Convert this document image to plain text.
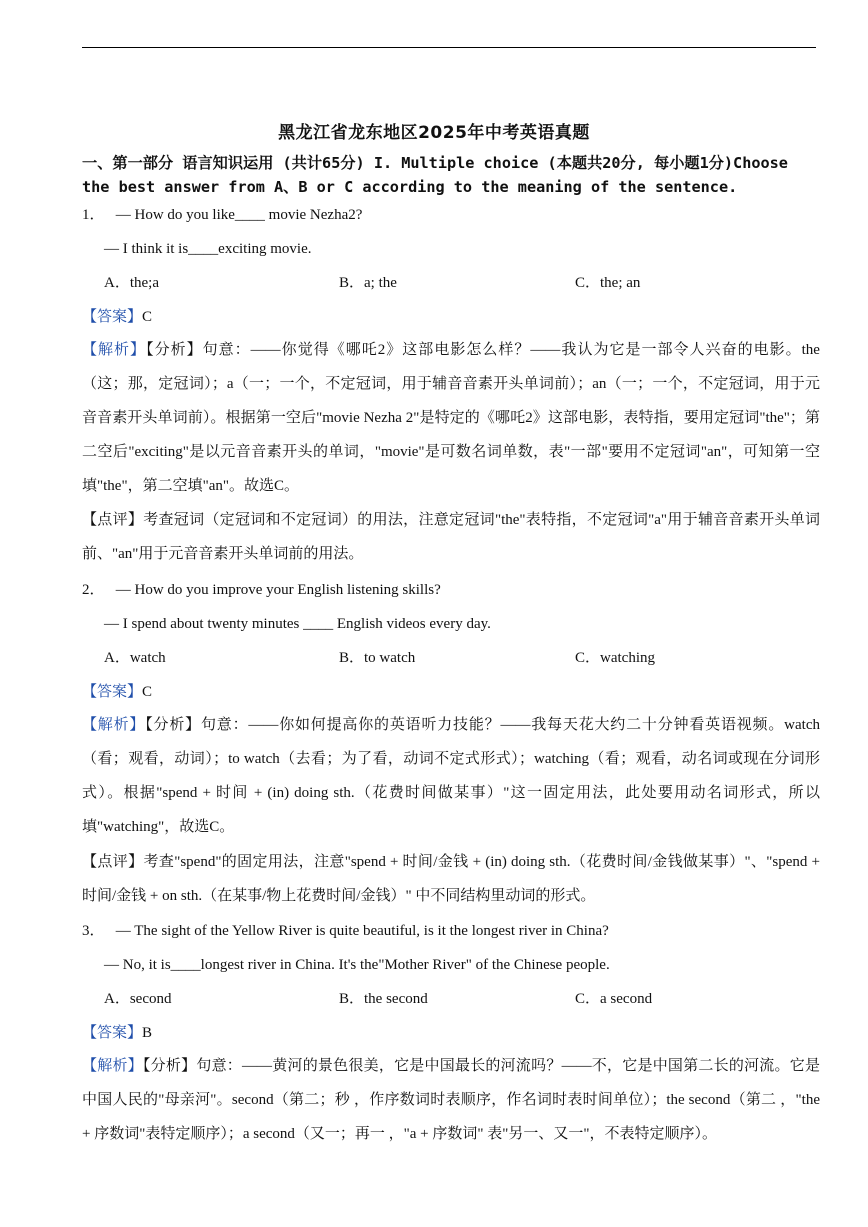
黑龙江省龙东地区2025年中考英语真题
一、第一部分 语言知识运用 (共计65分) I. Multiple choice (本题共20分, 每小题1分)Choose the best answer from A、B or C according to the meaning of the sentence.
1． — How do you like____ movie Nezha2?
— I think it is____exciting movie.
A．the;a	B．a; the	C．the; an
【答案】C
【解析】【分析】句意：——你觉得《哪吒2》这部电影怎么样？——我认为它是一部令人兴奋的电影。the（这；那，定冠词）；a（一；一个，不定冠词，用于辅音音素开头单词前）；an（一；一个，不定冠词，用于元音音素开头单词前）。根据第一空后"movie Nezha 2"是特定的《哪吒2》这部电影，表特指，要用定冠词"the"；第二空后"exciting"是以元音音素开头的单词，"movie"是可数名词单数，表"一部"要用不定冠词"an"，可知第一空填"the"，第二空填"an"。故选C。
【点评】考查冠词（定冠词和不定冠词）的用法，注意定冠词"the"表特指，不定冠词"a"用于辅音音素开头单词前、"an"用于元音音素开头单词前的用法。
2． — How do you improve your English listening skills?
— I spend about twenty minutes ____ English videos every day.
A．watch	B．to watch	C．watching
【答案】C
【解析】【分析】句意：——你如何提高你的英语听力技能？——我每天花大约二十分钟看英语视频。watch（看；观看，动词）；to watch（去看；为了看，动词不定式形式）；watching（看；观看，动名词或现在分词形式）。根据"spend + 时间 + (in) doing sth.（花费时间做某事）"这一固定用法，此处要用动名词形式，所以填"watching"，故选C。
【点评】考查"spend"的固定用法，注意"spend + 时间/金钱 + (in) doing sth.（花费时间/金钱做某事）"、"spend + 时间/金钱 + on sth.（在某事/物上花费时间/金钱）" 中不同结构里动词的形式。
3． — The sight of the Yellow River is quite beautiful, is it the longest river in China?
— No, it is____longest river in China. It's the"Mother River" of the Chinese people.
A．second	B．the second	C．a second
【答案】B
【解析】【分析】句意：——黄河的景色很美，它是中国最长的河流吗？——不，它是中国第二长的河流。它是中国人民的"母亲河"。second（第二；秒 ，作序数词时表顺序，作名词时表时间单位）；the second（第二 ，"the + 序数词"表特定顺序）；a second（又一；再一 ，"a + 序数词" 表"另一、又一"，不表特定顺序）。
